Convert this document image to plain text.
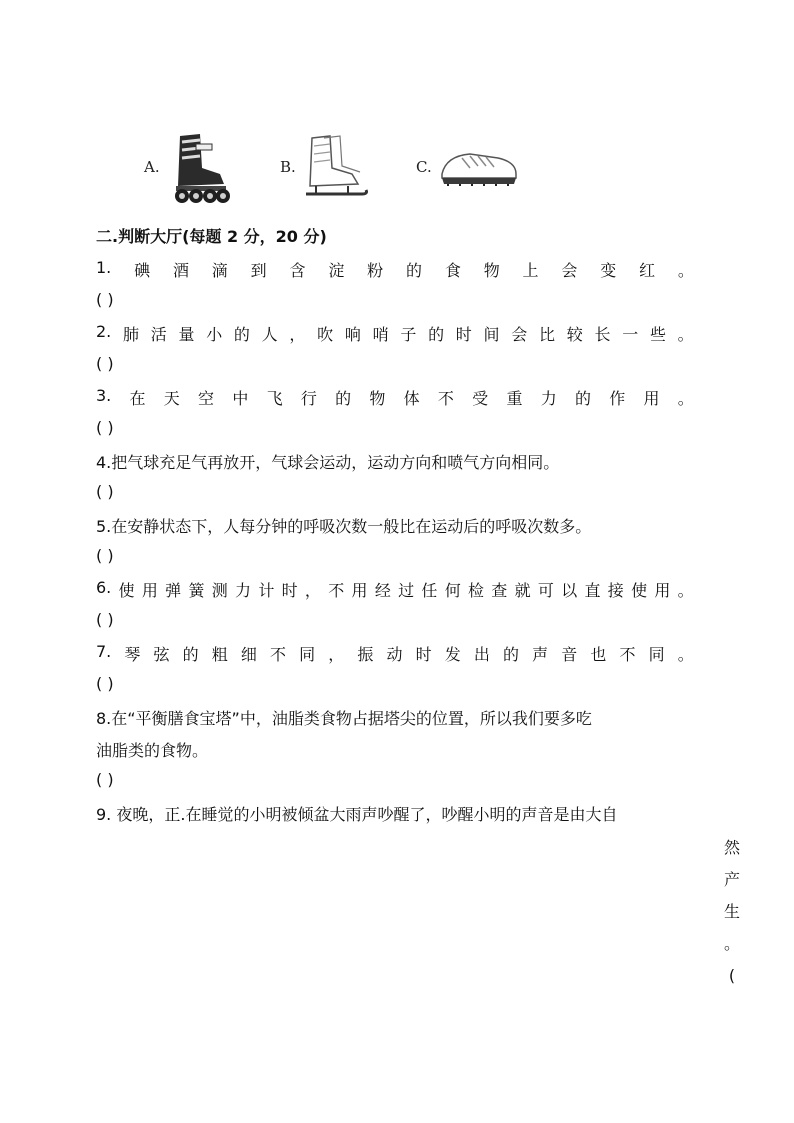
A.	B.	C.
二.判断大厅(每题 2 分，20 分)
1. 碘 酒 滴 到 含 淀 粉 的 食 物 上 会 变 红 。
( )
2. 肺 活 量 小 的 人 ， 吹 响 哨 子 的 时 间 会 比 较 长 一 些 。
( )
3. 在 天 空 中 飞 行 的 物 体 不 受 重 力 的 作 用 。
( )
4.把气球充足气再放开，气球会运动，运动方向和喷气方向相同。
( )
5.在安静状态下，人每分钟的呼吸次数一般比在运动后的呼吸次数多。
( )
6. 使 用 弹 簧 测 力 计 时 ， 不 用 经 过 任 何 检 查 就 可 以 直 接 使 用 。
( )
7. 琴 弦 的 粗 细 不 同 ， 振 动 时 发 出 的 声 音 也 不 同 。
( )
8.在“平衡膳食宝塔”中，油脂类食物占据塔尖的位置，所以我们要多吃
油脂类的食物。
( )
9. 夜晚，正.在睡觉的小明被倾盆大雨声吵醒了，吵醒小明的声音是由大自
然
产
生
。
(
